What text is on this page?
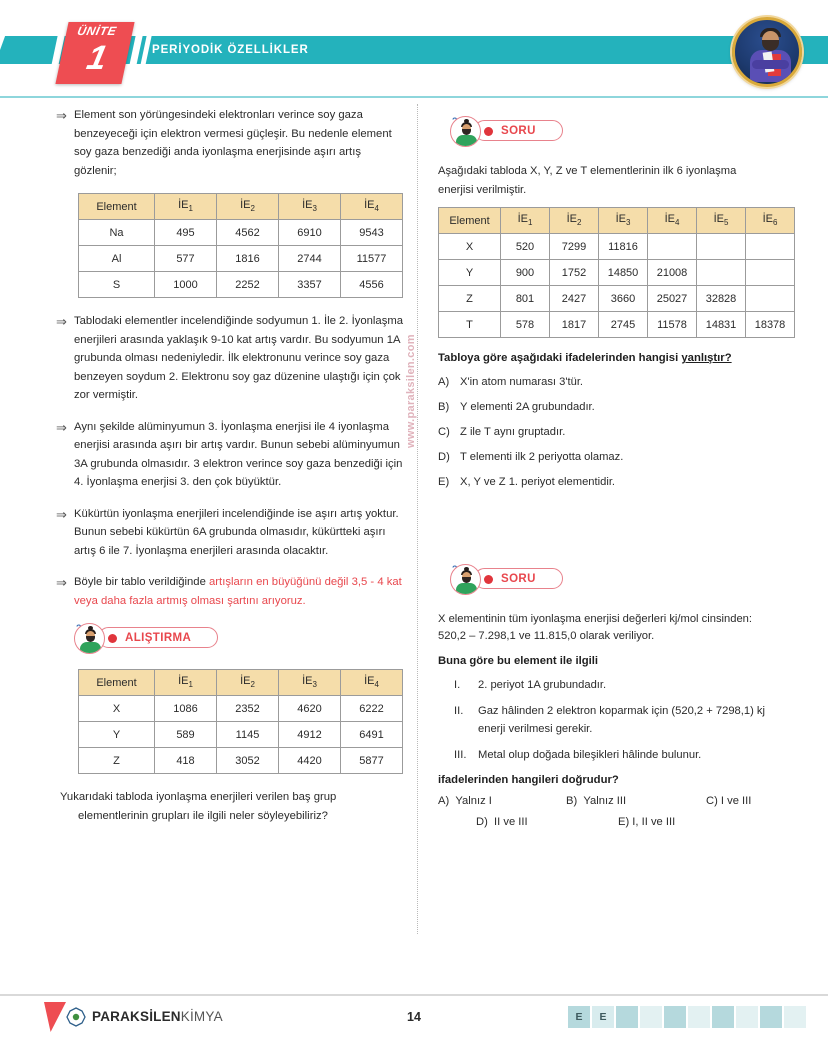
ÜNİTE
1	PERİYODİK ÖZELLİKLER
www.paraksilen.com
⇒ Element son yörüngesindeki elektronları verince soy gaza benzeyeceği için elektron vermesi güçleşir. Bu nedenle element soy gaza benzediği anda iyonlaşma enerjisinde aşırı artış gözlenir;
Element	$İE_1$	$İE_2$	$İE_3$	$İE_4$
Na	495	4562	6910	9543
Al	577	1816	2744	11577
S	1000	2252	3357	4556
⇒ Tablodaki elementler incelendiğinde sodyumun 1. İle 2. İyonlaşma enerjileri arasında yaklaşık 9-10 kat artış vardır. Bu sodyumun 1A grubunda olması nedeniyledir. İlk elektronunu verince soy gaza benzeyen soydum 2. Elektronu soy gaz düzenine ulaştığı için çok zor vermiştir.
⇒ Aynı şekilde alüminyumun 3. İyonlaşma enerjisi ile 4 iyonlaşma enerjisi arasında aşırı bir artış vardır. Bunun sebebi alüminyumun 3A grubunda olmasıdır. 3 elektron verince soy gaza benzediği için 4. İyonlaşma enerjisi 3. den çok büyüktür.
⇒ Kükürtün iyonlaşma enerjileri incelendiğinde ise aşırı artış yoktur. Bunun sebebi kükürtün 6A grubunda olmasıdır, kükürtteki aşırı artış 6 ile 7. İyonlaşma enerjileri arasında olacaktır.
⇒ Böyle bir tablo verildiğinde artışların en büyüğünü değil 3,5 - 4 kat veya daha fazla artmış olması şartını arıyoruz.
ALIŞTIRMA
Element	$İE_1$	$İE_2$	$İE_3$	$İE_4$
X	1086	2352	4620	6222
Y	589	1145	4912	6491
Z	418	3052	4420	5877
Yukarıdaki tabloda iyonlaşma enerjileri verilen baş grup
elementlerinin grupları ile ilgili neler söyleyebiliriz?
SORU
Aşağıdaki tabloda X, Y, Z ve T elementlerinin ilk 6 iyonlaşma enerjisi verilmiştir.
Element	$İE_1$	$İE_2$	$İE_3$	$İE_4$	$İE_5$	$İE_6$
X	520	7299	11816			
Y	900	1752	14850	21008		
Z	801	2427	3660	25027	32828	
T	578	1817	2745	11578	14831	18378
Tabloya göre aşağıdaki ifadelerinden hangisi yanlıştır?
A) X'in atom numarası 3'tür.
B) Y elementi 2A grubundadır.
C) Z ile T aynı gruptadır.
D) T elementi ilk 2 periyotta olamaz.
E) X, Y ve Z 1. periyot elementidir.
SORU
X elementinin tüm iyonlaşma enerjisi değerleri kj/mol cinsinden:
520,2 – 7.298,1 ve 11.815,0 olarak veriliyor.
Buna göre bu element ile ilgili
I.	2. periyot 1A grubundadır.
II.	Gaz hâlinden 2 elektron koparmak için (520,2 + 7298,1) kj enerji verilmesi gerekir.
III.	Metal olup doğada bileşikleri hâlinde bulunur.
ifadelerinden hangileri doğrudur?
A) Yalnız I	B) Yalnız III	C) I ve III
D) II ve III	E) I, II ve III
PARAKSİLENKİMYA	14	E	E
